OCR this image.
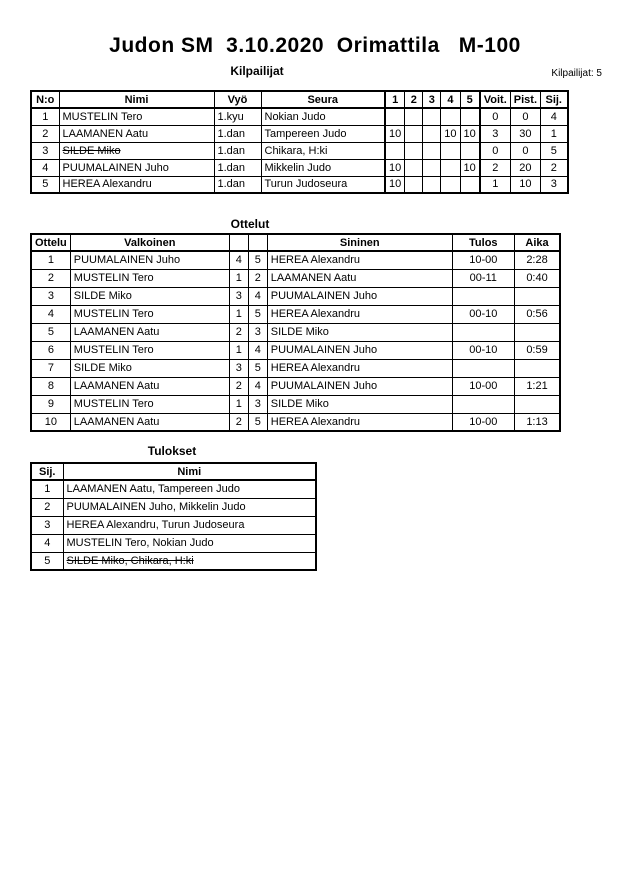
Judon SM  3.10.2020  Orimattila   M-100
Kilpailijat	Kilpailijat: 5
N:o	Nimi	Vyö	Seura	1	2	3	4	5	Voit.	Pist.	Sij.
1	MUSTELIN Tero	1.kyu	Nokian Judo						0	0	4
2	LAAMANEN Aatu	1.dan	Tampereen Judo	10			10	10	3	30	1
3	SILDE Miko	1.dan	Chikara, H:ki						0	0	5
4	PUUMALAINEN Juho	1.dan	Mikkelin Judo	10				10	2	20	2
5	HEREA Alexandru	1.dan	Turun Judoseura	10					1	10	3
Ottelut
Ottelu	Valkoinen			Sininen	Tulos	Aika
1	PUUMALAINEN Juho	4	5	HEREA Alexandru	10-00	2:28
2	MUSTELIN Tero	1	2	LAAMANEN Aatu	00-11	0:40
3	SILDE Miko	3	4	PUUMALAINEN Juho		
4	MUSTELIN Tero	1	5	HEREA Alexandru	00-10	0:56
5	LAAMANEN Aatu	2	3	SILDE Miko		
6	MUSTELIN Tero	1	4	PUUMALAINEN Juho	00-10	0:59
7	SILDE Miko	3	5	HEREA Alexandru		
8	LAAMANEN Aatu	2	4	PUUMALAINEN Juho	10-00	1:21
9	MUSTELIN Tero	1	3	SILDE Miko		
10	LAAMANEN Aatu	2	5	HEREA Alexandru	10-00	1:13
Tulokset
Sij.	Nimi
1	LAAMANEN Aatu, Tampereen Judo
2	PUUMALAINEN Juho, Mikkelin Judo
3	HEREA Alexandru, Turun Judoseura
4	MUSTELIN Tero, Nokian Judo
5	SILDE Miko, Chikara, H:ki
